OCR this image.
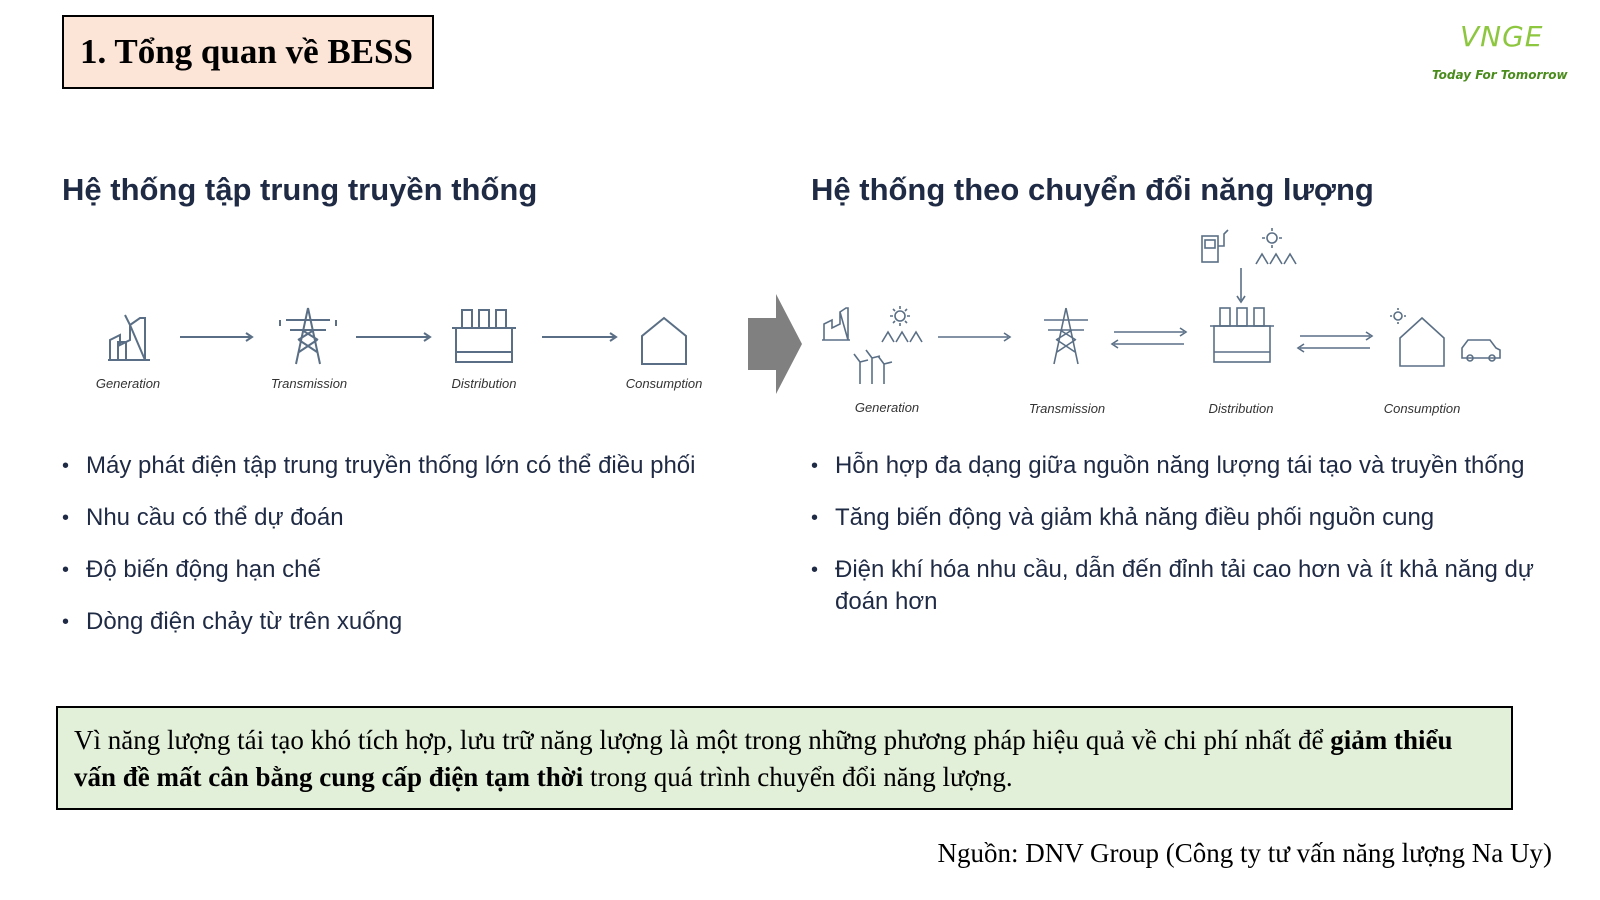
1. Tổng quan về BESS	VNGE
Today For Tomorrow
Hệ thống tập trung truyền thống	Hệ thống theo chuyển đổi năng lượng
Generation	Transmission	Distribution	Consumption
Generation	Transmission	Distribution	Consumption
• Máy phát điện tập trung truyền thống lớn có thể điều phối
• Nhu cầu có thể dự đoán
• Độ biến động hạn chế
• Dòng điện chảy từ trên xuống
• Hỗn hợp đa dạng giữa nguồn năng lượng tái tạo và truyền thống
• Tăng biến động và giảm khả năng điều phối nguồn cung
• Điện khí hóa nhu cầu, dẫn đến đỉnh tải cao hơn và ít khả năng dự đoán hơn
Vì năng lượng tái tạo khó tích hợp, lưu trữ năng lượng là một trong những phương pháp hiệu quả về chi phí nhất để giảm thiểu vấn đề mất cân bằng cung cấp điện tạm thời trong quá trình chuyển đổi năng lượng.
Nguồn: DNV Group (Công ty tư vấn năng lượng Na Uy)
